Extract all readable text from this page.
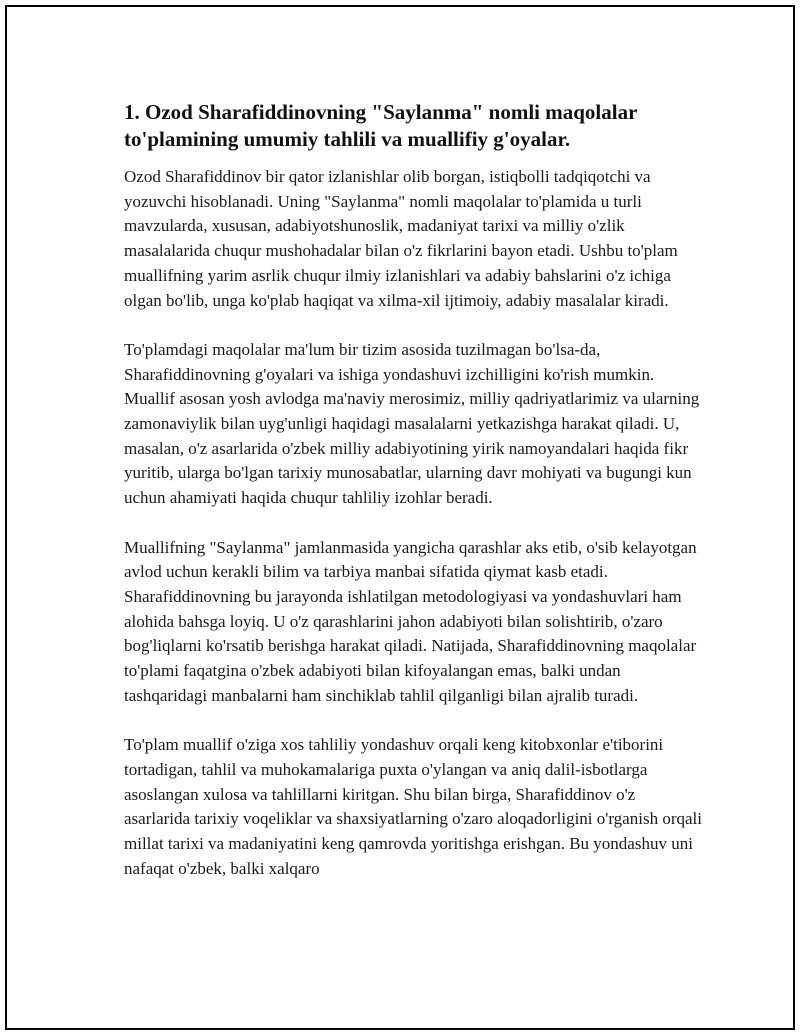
1. Ozod Sharafiddinovning "Saylanma" nomli maqolalar
to'plamining umumiy tahlili va muallifiy g'oyalar.

Ozod Sharafiddinov bir qator izlanishlar olib borgan, istiqbolli tadqiqotchi va yozuvchi hisoblanadi. Uning "Saylanma" nomli maqolalar to'plamida u turli mavzularda, xususan, adabiyotshunoslik, madaniyat tarixi va milliy o'zlik masalalarida chuqur mushohadalar bilan o'z fikrlarini bayon etadi. Ushbu to'plam muallifning yarim asrlik chuqur ilmiy izlanishlari va adabiy bahslarini o'z ichiga olgan bo'lib, unga ko'plab haqiqat va xilma-xil ijtimoiy, adabiy masalalar kiradi.

To'plamdagi maqolalar ma'lum bir tizim asosida tuzilmagan bo'lsa-da, Sharafiddinovning g'oyalari va ishiga yondashuvi izchilligini ko'rish mumkin. Muallif asosan yosh avlodga ma'naviy merosimiz, milliy qadriyatlarimiz va ularning zamonaviylik bilan uyg'unligi haqidagi masalalarni yetkazishga harakat qiladi. U, masalan, o'z asarlarida o'zbek milliy adabiyotining yirik namoyandalari haqida fikr yuritib, ularga bo'lgan tarixiy munosabatlar, ularning davr mohiyati va bugungi kun uchun ahamiyati haqida chuqur tahliliy izohlar beradi.

Muallifning "Saylanma" jamlanmasida yangicha qarashlar aks etib, o'sib kelayotgan avlod uchun kerakli bilim va tarbiya manbai sifatida qiymat kasb etadi. Sharafiddinovning bu jarayonda ishlatilgan metodologiyasi va yondashuvlari ham alohida bahsga loyiq. U o'z qarashlarini jahon adabiyoti bilan solishtirib, o'zaro bog'liqlarni ko'rsatib berishga harakat qiladi. Natijada, Sharafiddinovning maqolalar to'plami faqatgina o'zbek adabiyoti bilan kifoyalangan emas, balki undan tashqaridagi manbalarni ham sinchiklab tahlil qilganligi bilan ajralib turadi.

To'plam muallif o'ziga xos tahliliy yondashuv orqali keng kitobxonlar e'tiborini tortadigan, tahlil va muhokamalariga puxta o'ylangan va aniq dalil-isbotlarga asoslangan xulosa va tahlillarni kiritgan. Shu bilan birga, Sharafiddinov o'z asarlarida tarixiy voqeliklar va shaxsiyatlarning o'zaro aloqadorligini o'rganish orqali millat tarixi va madaniyatini keng qamrovda yoritishga erishgan. Bu yondashuv uni nafaqat o'zbek, balki xalqaro
